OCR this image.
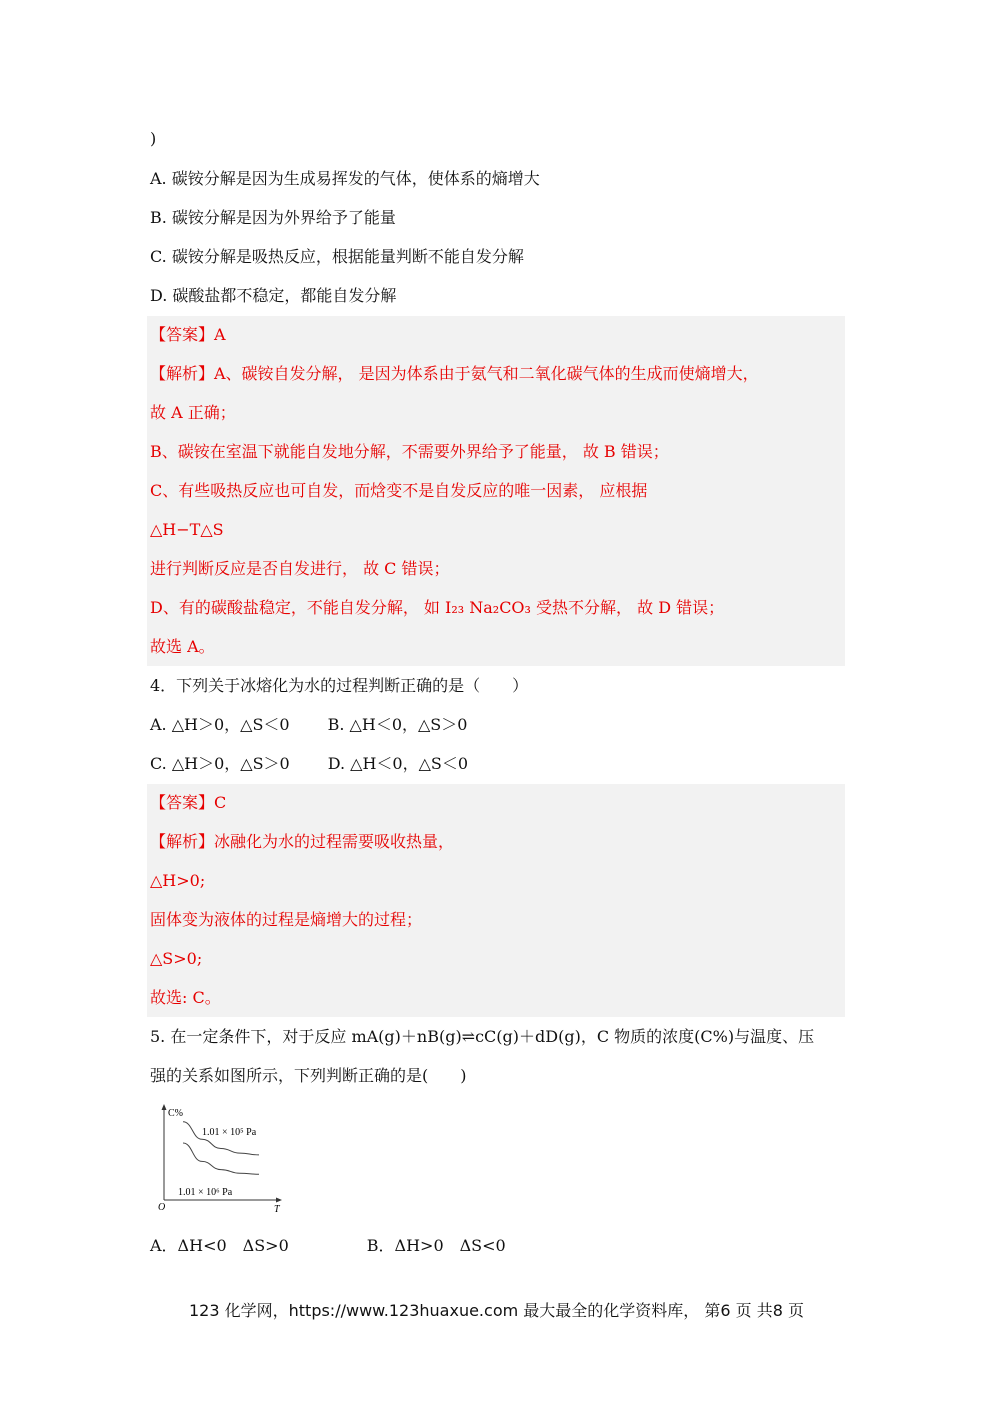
)
A. 碳铵分解是因为生成易挥发的气体，使体系的熵增大
B. 碳铵分解是因为外界给予了能量
C. 碳铵分解是吸热反应，根据能量判断不能自发分解
D. 碳酸盐都不稳定，都能自发分解
【答案】A
【解析】A、碳铵自发分解， 是因为体系由于氨气和二氧化碳气体的生成而使熵增大，
故 A 正确；
B、碳铵在室温下就能自发地分解，不需要外界给予了能量， 故 B 错误；
C、有些吸热反应也可自发，而焓变不是自发反应的唯一因素， 应根据
△H−T△S
进行判断反应是否自发进行， 故 C 错误；
D、有的碳酸盐稳定，不能自发分解， 如 I₂₃ Na₂CO₃ 受热不分解， 故 D 错误；
故选 A。
4．下列关于冰熔化为水的过程判断正确的是（　　）
A. △H＞0，△S＜0 B. △H＜0，△S＞0
C. △H＞0，△S＞0 D. △H＜0，△S＜0
【答案】C
【解析】冰融化为水的过程需要吸收热量，
△H>0;
固体变为液体的过程是熵增大的过程；
△S>0;
故选: C。
5. 在一定条件下，对于反应 mA(g)＋nB(g)⇌cC(g)＋dD(g)，C 物质的浓度(C%)与温度、压
强的关系如图所示，下列判断正确的是(　　)
C%
T
O
1.01 × 10⁵ Pa
1.01 × 10⁶ Pa
A．ΔH<0　ΔS>0	B．ΔH>0　ΔS<0
123 化学网，https://www.123huaxue.com 最大最全的化学资料库， 第6 页 共8 页
